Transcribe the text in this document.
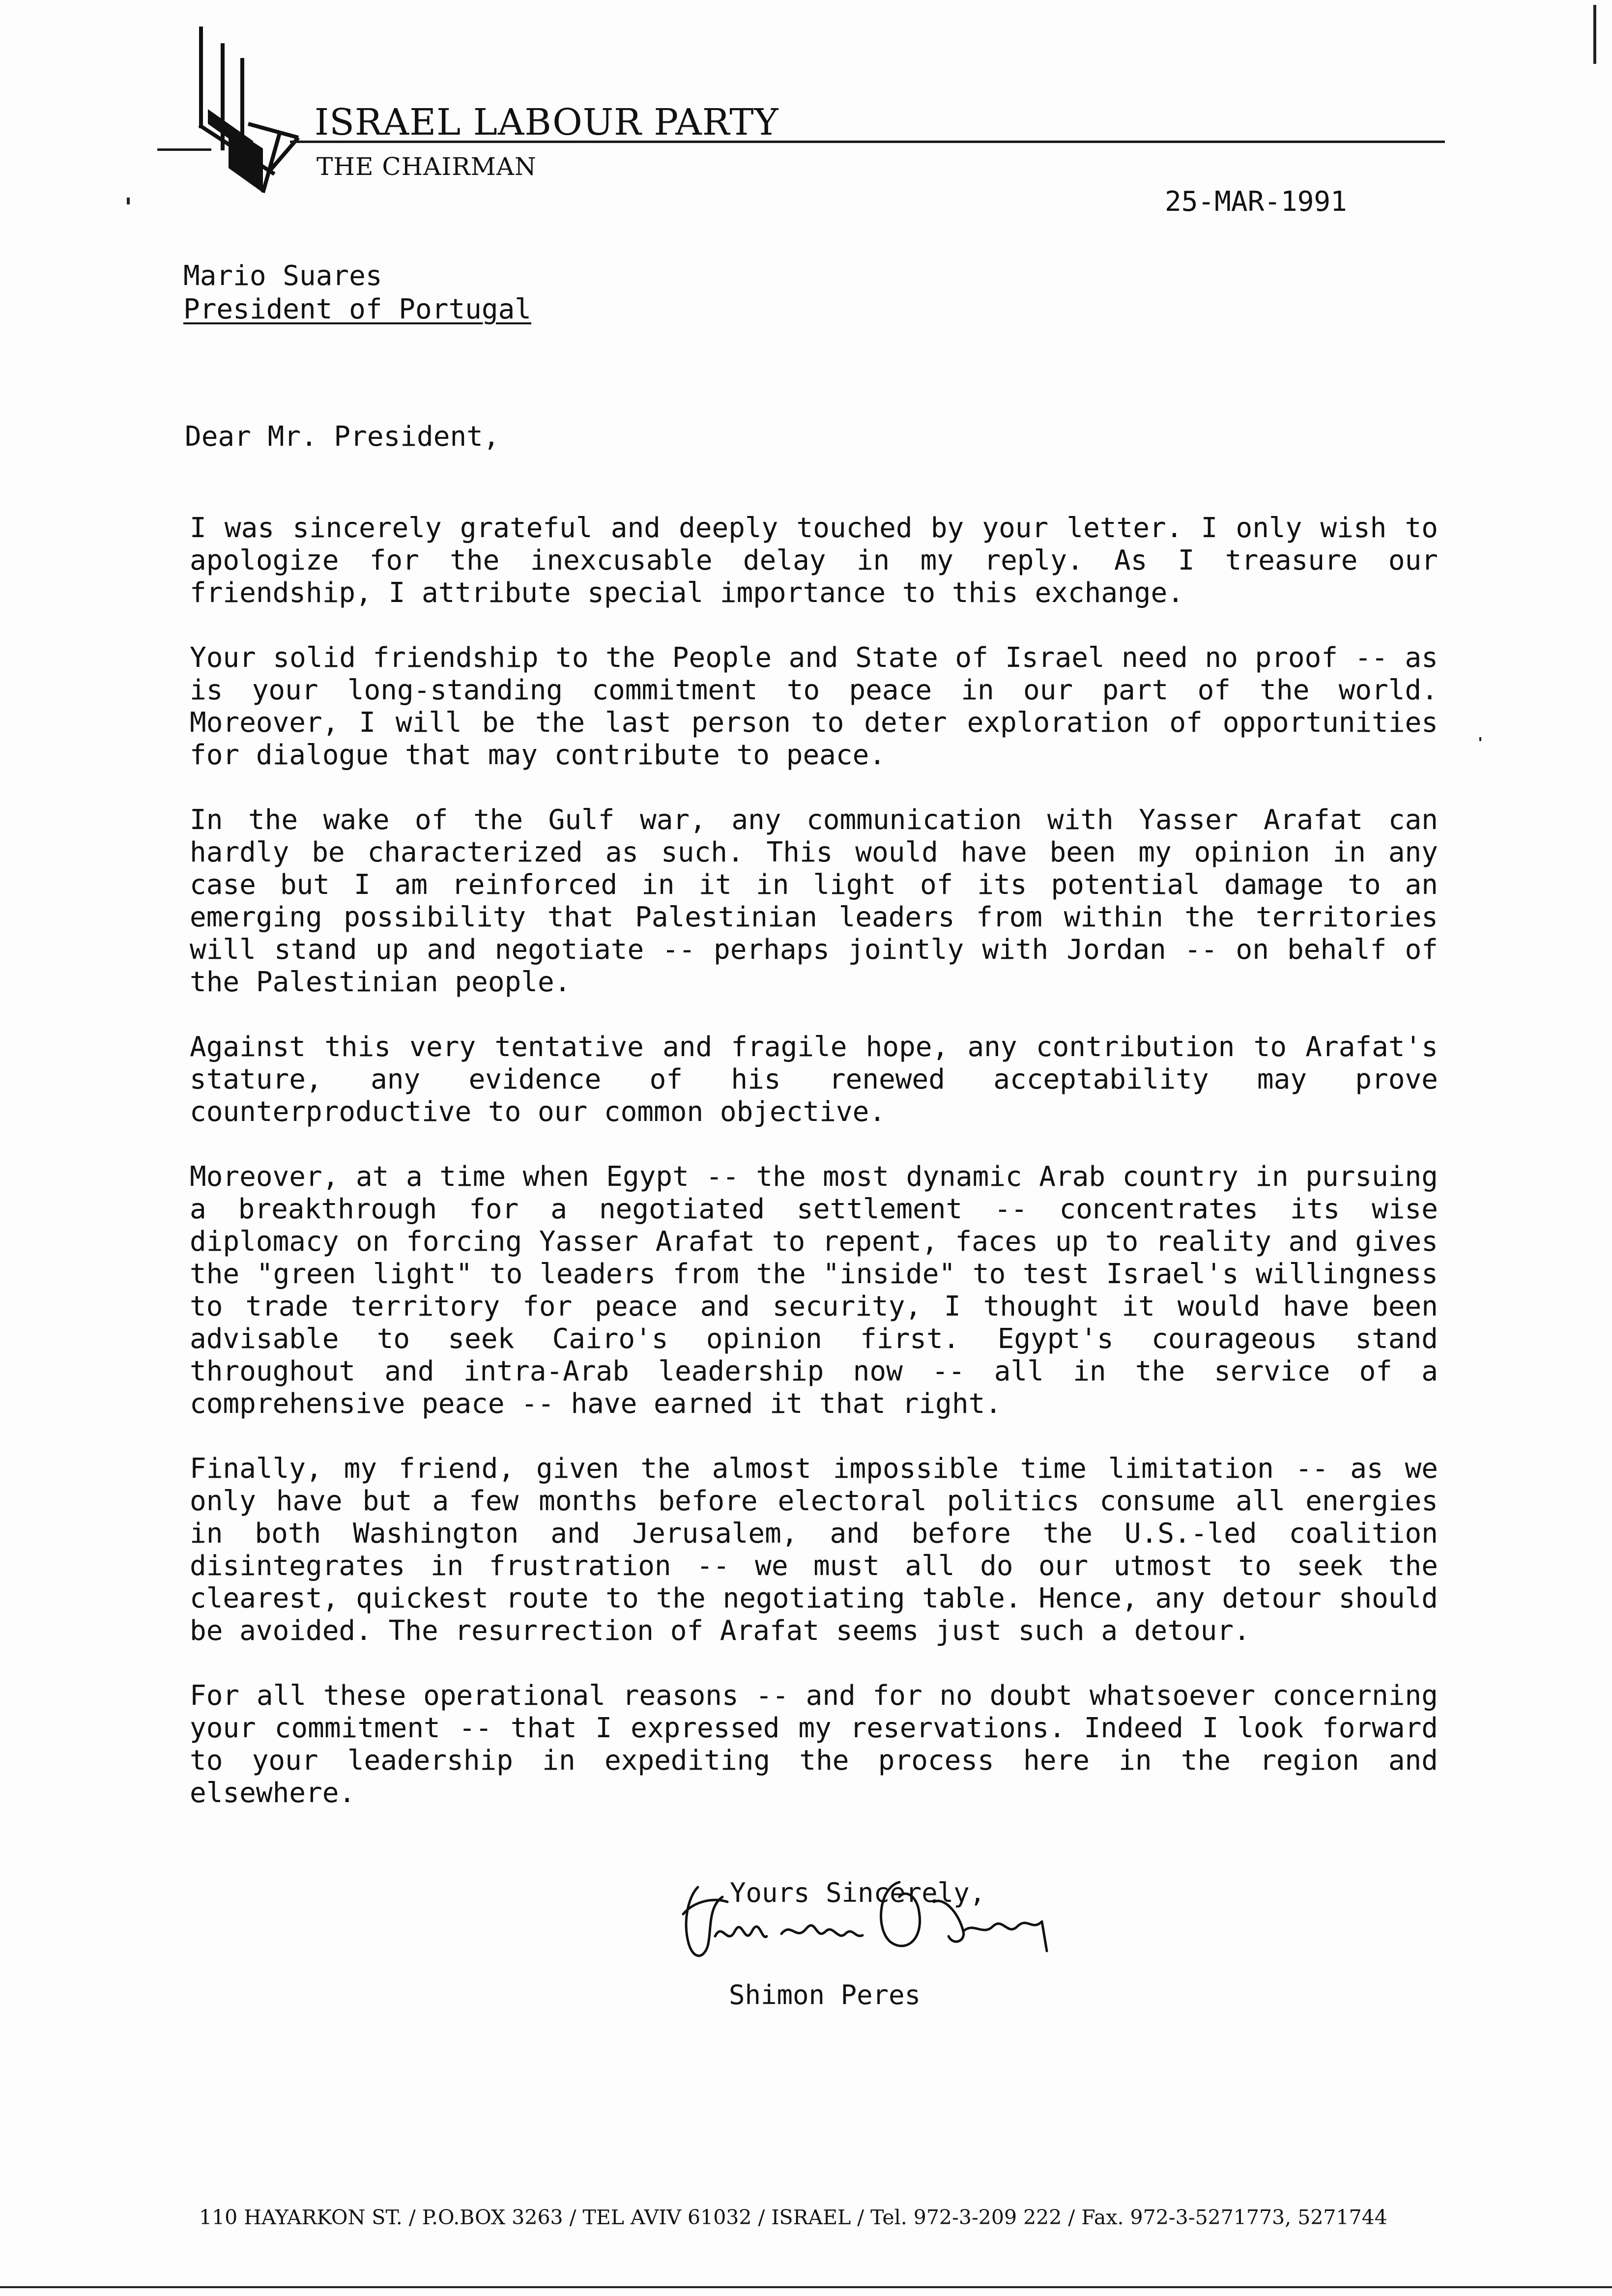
ISRAEL LABOUR PARTY
THE CHAIRMAN
25-MAR-1991
Mario Suares
President of Portugal
Dear Mr. President,

I was sincerely grateful and deeply touched by your letter. I only wish to apologize for the inexcusable delay in my reply. As I treasure our friendship, I attribute special importance to this exchange.

Your solid friendship to the People and State of Israel need no proof -- as is your long-standing commitment to peace in our part of the world. Moreover, I will be the last person to deter exploration of opportunities for dialogue that may contribute to peace.

In the wake of the Gulf war, any communication with Yasser Arafat can hardly be characterized as such. This would have been my opinion in any case but I am reinforced in it in light of its potential damage to an emerging possibility that Palestinian leaders from within the territories will stand up and negotiate -- perhaps jointly with Jordan -- on behalf of the Palestinian people.

Against this very tentative and fragile hope, any contribution to Arafat's stature, any evidence of his renewed acceptability may prove counterproductive to our common objective.

Moreover, at a time when Egypt -- the most dynamic Arab country in pursuing a breakthrough for a negotiated settlement -- concentrates its wise diplomacy on forcing Yasser Arafat to repent, faces up to reality and gives the "green light" to leaders from the "inside" to test Israel's willingness to trade territory for peace and security, I thought it would have been advisable to seek Cairo's opinion first. Egypt's courageous stand throughout and intra-Arab leadership now -- all in the service of a comprehensive peace -- have earned it that right.

Finally, my friend, given the almost impossible time limitation -- as we only have but a few months before electoral politics consume all energies in both Washington and Jerusalem, and before the U.S.-led coalition disintegrates in frustration -- we must all do our utmost to seek the clearest, quickest route to the negotiating table. Hence, any detour should be avoided. The resurrection of Arafat seems just such a detour.

For all these operational reasons -- and for no doubt whatsoever concerning your commitment -- that I expressed my reservations. Indeed I look forward to your leadership in expediting the process here in the region and elsewhere.

Yours Sincerely,
Shimon Peres
110 HAYARKON ST. / P.O.BOX 3263 / TEL AVIV 61032 / ISRAEL / Tel. 972-3-209 222 / Fax. 972-3-5271773, 5271744
